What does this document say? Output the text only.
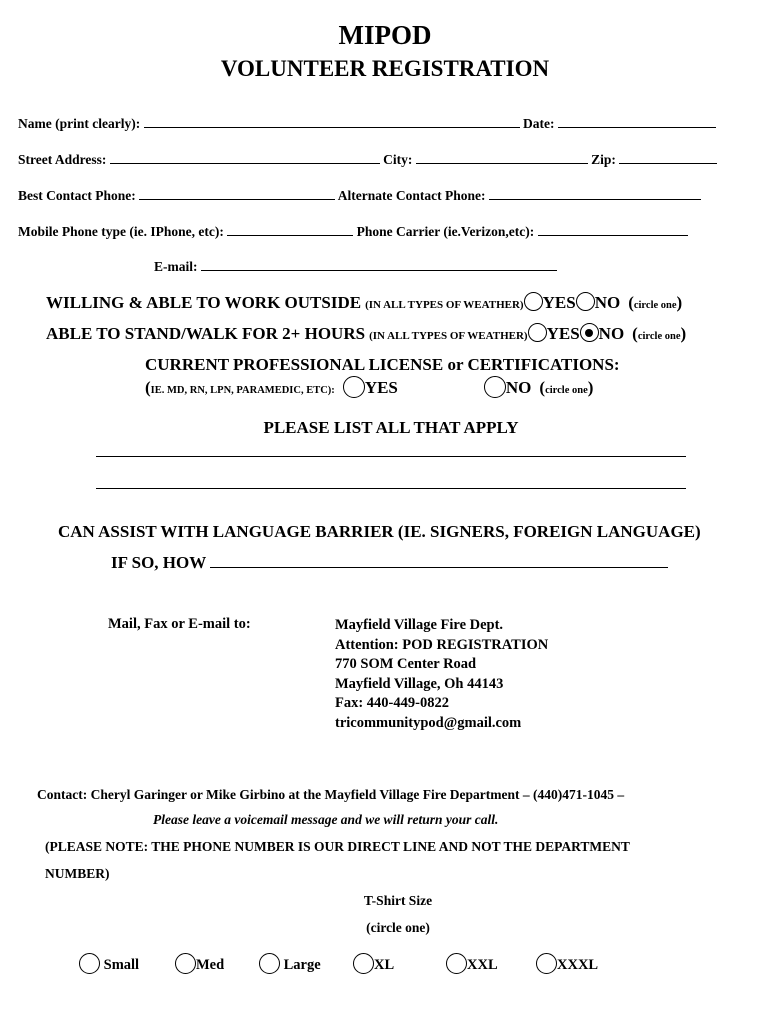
MIPOD
VOLUNTEER REGISTRATION
Name (print clearly):	Date:
Street Address:	City:	Zip:
Best Contact Phone:	Alternate Contact Phone:
Mobile Phone type (ie. IPhone, etc):	Phone Carrier (ie.Verizon,etc):
E-mail:
WILLING & ABLE TO WORK OUTSIDE (IN ALL TYPES OF WEATHER) YES NO (circle one)
ABLE TO STAND/WALK FOR 2+ HOURS (IN ALL TYPES OF WEATHER) YES NO (circle one)
CURRENT PROFESSIONAL LICENSE or CERTIFICATIONS:
(IE. MD, RN, LPN, PARAMEDIC, ETC): YES	NO (circle one)
PLEASE LIST ALL THAT APPLY
CAN ASSIST WITH LANGUAGE BARRIER (IE. SIGNERS, FOREIGN LANGUAGE)
IF SO, HOW
Mail, Fax or E-mail to:	Mayfield Village Fire Dept.
Attention: POD REGISTRATION
770 SOM Center Road
Mayfield Village, Oh 44143
Fax: 440-449-0822
tricommunitypod@gmail.com
Contact: Cheryl Garinger or Mike Girbino at the Mayfield Village Fire Department – (440)471-1045 –
Please leave a voicemail message and we will return your call.
(PLEASE NOTE: THE PHONE NUMBER IS OUR DIRECT LINE AND NOT THE DEPARTMENT
NUMBER)
T-Shirt Size
(circle one)
Small	Med	Large	XL	XXL	XXXL
